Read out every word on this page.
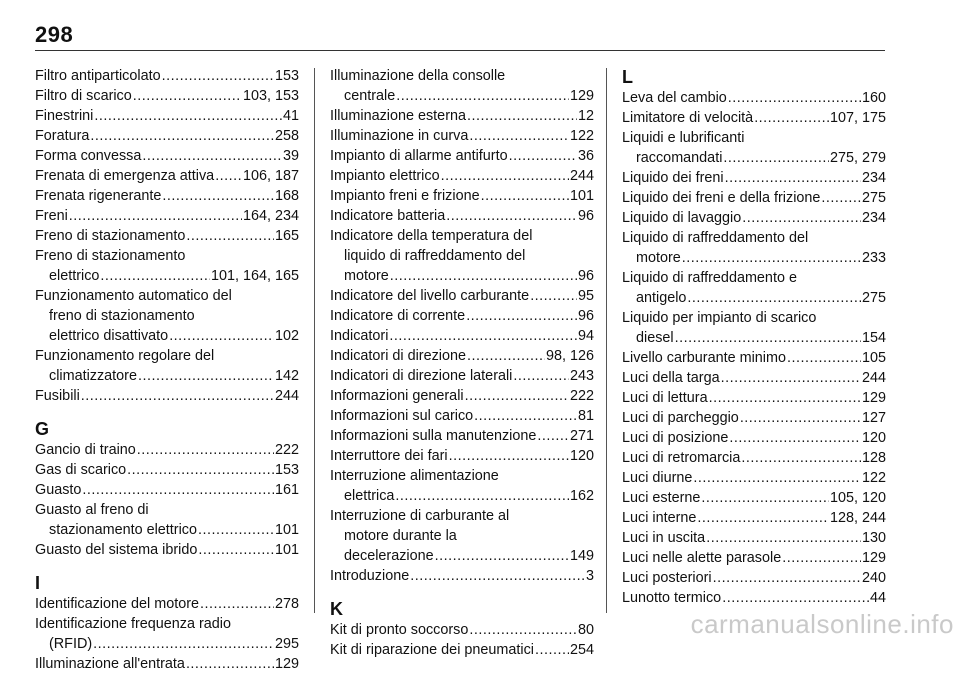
298
Filtro antiparticolato .....	153
Filtro di scarico .....	103, 153
Finestrini .....	41
Foratura .....	258
Forma convessa .....	39
Frenata di emergenza attiva ..... 106, 187
Frenata rigenerante .....	168
Freni .....	164, 234
Freno di stazionamento .....	165
Freno di stazionamento
elettrico .....	101, 164, 165
Funzionamento automatico del
freno di stazionamento
elettrico disattivato .....	102
Funzionamento regolare del
climatizzatore .....	142
Fusibili .....	244
G
Gancio di traino .....	222
Gas di scarico .....	153
Guasto .....	161
Guasto al freno di
stazionamento elettrico .....	101
Guasto del sistema ibrido .....	101
I
Identificazione del motore .....	278
Identificazione frequenza radio
(RFID) .....	295
Illuminazione all'entrata .....	129
Illuminazione della consolle
centrale .....	129
Illuminazione esterna .....	12
Illuminazione in curva .....	122
Impianto di allarme antifurto .....	36
Impianto elettrico .....	244
Impianto freni e frizione .....	101
Indicatore batteria .....	96
Indicatore della temperatura del
liquido di raffreddamento del
motore .....	96
Indicatore del livello carburante .....	95
Indicatore di corrente .....	96
Indicatori .....	94
Indicatori di direzione .....	98, 126
Indicatori di direzione laterali .....	243
Informazioni generali .....	222
Informazioni sul carico .....	81
Informazioni sulla manutenzione ..... 271
Interruttore dei fari .....	120
Interruzione alimentazione
elettrica .....	162
Interruzione di carburante al
motore durante la
decelerazione .....	149
Introduzione .....	3
K
Kit di pronto soccorso .....	80
Kit di riparazione dei pneumatici .....	254
L
Leva del cambio .....	160
Limitatore di velocità .....	107, 175
Liquidi e lubrificanti
raccomandati .....	275, 279
Liquido dei freni .....	234
Liquido dei freni e della frizione .....	275
Liquido di lavaggio .....	234
Liquido di raffreddamento del
motore .....	233
Liquido di raffreddamento e
antigelo .....	275
Liquido per impianto di scarico
diesel .....	154
Livello carburante minimo .....	105
Luci della targa .....	244
Luci di lettura .....	129
Luci di parcheggio .....	127
Luci di posizione .....	120
Luci di retromarcia .....	128
Luci diurne .....	122
Luci esterne .....	105, 120
Luci interne .....	128, 244
Luci in uscita .....	130
Luci nelle alette parasole .....	129
Luci posteriori .....	240
Lunotto termico .....	44
carmanualsonline.info
